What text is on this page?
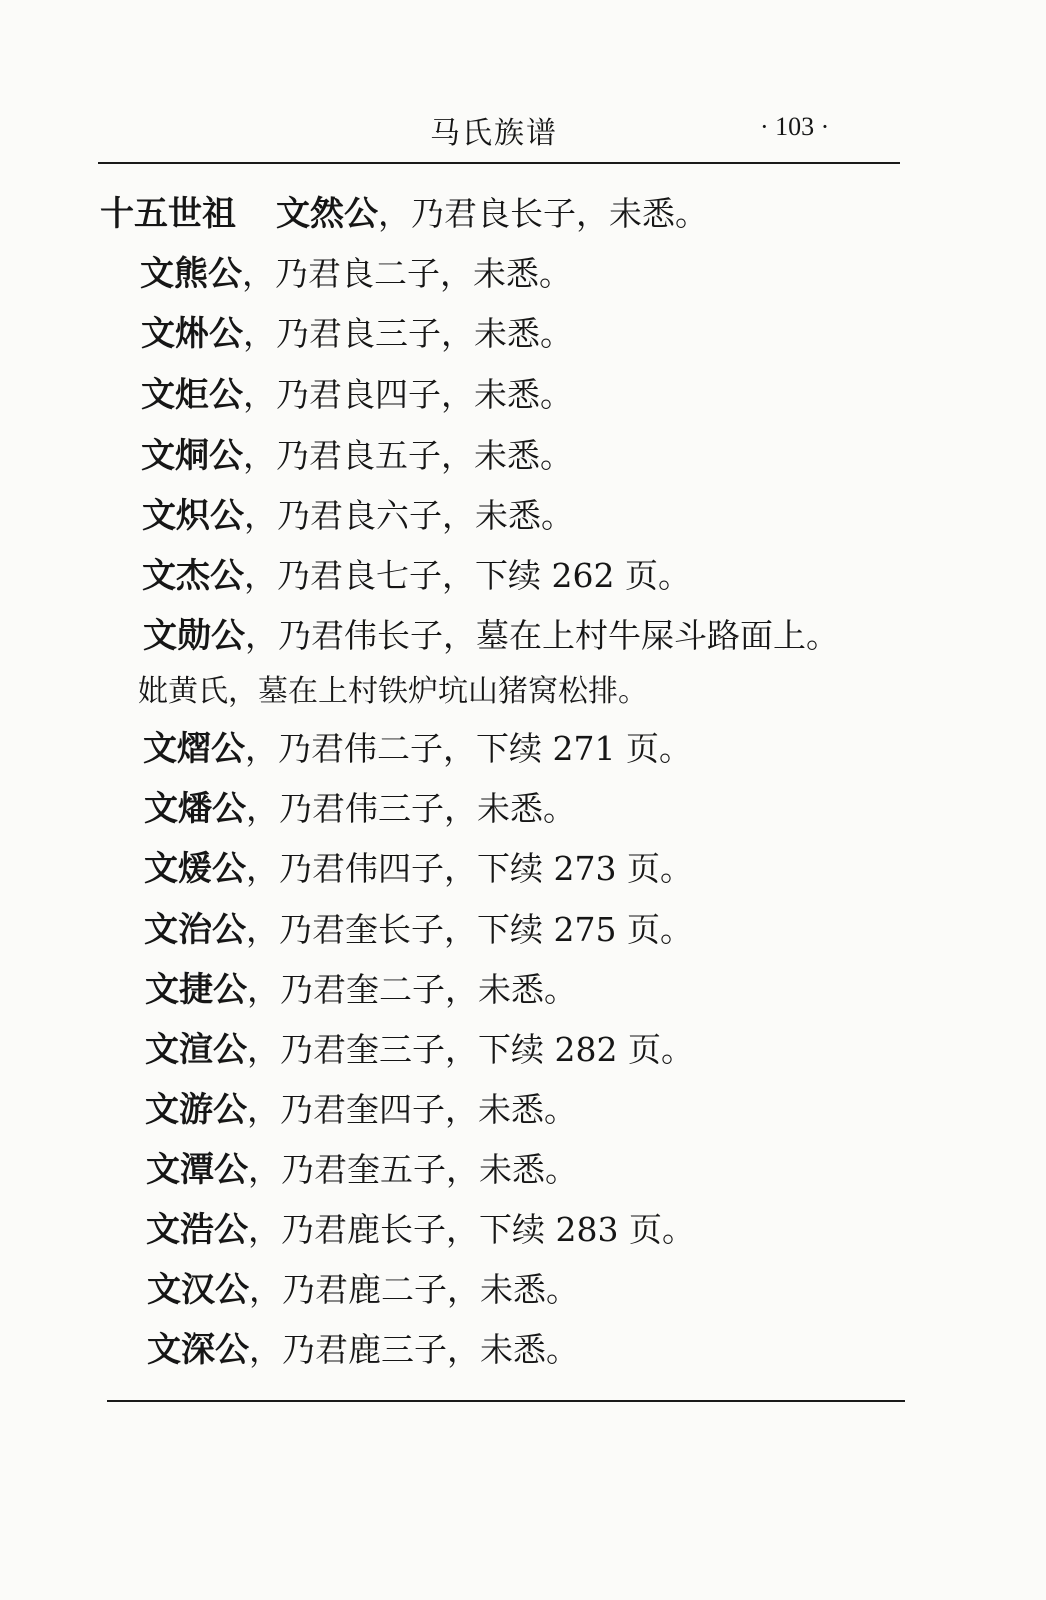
马氏族谱	· 103 ·
十五世祖 文然公，乃君良长子，未悉。
文熊公，乃君良二子，未悉。
文烞公，乃君良三子，未悉。
文炬公，乃君良四子，未悉。
文烔公，乃君良五子，未悉。
文炽公，乃君良六子，未悉。
文杰公，乃君良七子，下续 262 页。
文勋公，乃君伟长子，墓在上村牛屎斗路面上。
妣黄氏，墓在上村铁炉坑山猪窝松排。
文熠公，乃君伟二子，下续 271 页。
文燔公，乃君伟三子，未悉。
文煖公，乃君伟四子，下续 273 页。
文治公，乃君奎长子，下续 275 页。
文捷公，乃君奎二子，未悉。
文渲公，乃君奎三子，下续 282 页。
文游公，乃君奎四子，未悉。
文潭公，乃君奎五子，未悉。
文浩公，乃君鹿长子，下续 283 页。
文汉公，乃君鹿二子，未悉。
文深公，乃君鹿三子，未悉。
